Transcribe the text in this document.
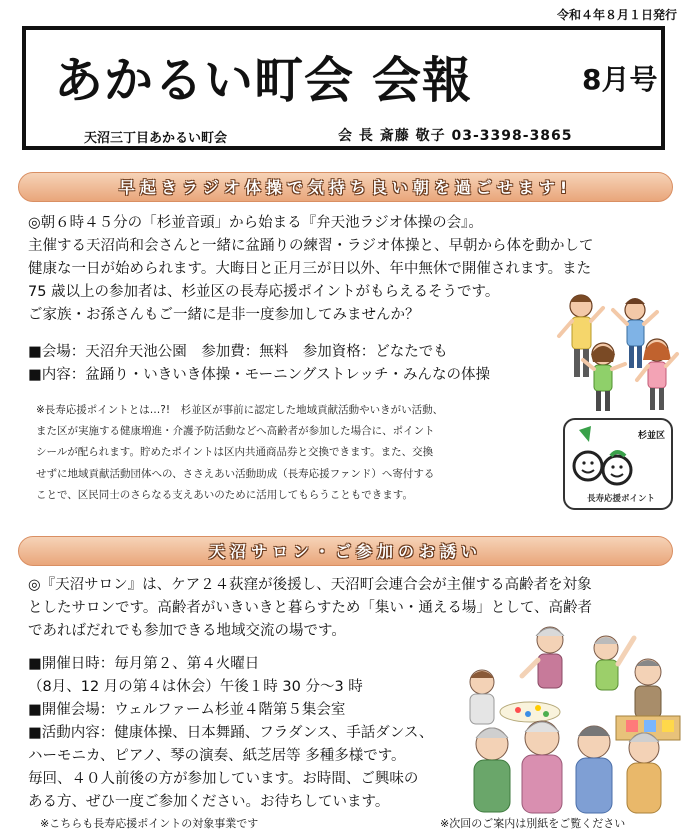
令和４年８月１日発行
あかるい町会 会報	8月号
天沼三丁目あかるい町会	会 長 斎藤 敬子 03-3398-3865
早起きラジオ体操で気持ち良い朝を過ごせます!
◎朝６時４５分の「杉並音頭」から始まる『弁天池ラジオ体操の会』。
主催する天沼尚和会さんと一緒に盆踊りの練習・ラジオ体操と、早朝から体を動かして
健康な一日が始められます。大晦日と正月三が日以外、年中無休で開催されます。また
75 歳以上の参加者は、杉並区の長寿応援ポイントがもらえるそうです。
ご家族・お孫さんもご一緒に是非一度参加してみませんか？
■会場：天沼弁天池公園　参加費：無料　参加資格：どなたでも
■内容：盆踊り・いきいき体操・モーニングストレッチ・みんなの体操
※長寿応援ポイントとは…?!　杉並区が事前に認定した地域貢献活動やいきがい活動、
また区が実施する健康増進・介護予防活動などへ高齢者が参加した場合に、ポイント
シールが配られます。貯めたポイントは区内共通商品券と交換できます。また、交換
せずに地域貢献活動団体への、ささえあい活動助成（長寿応援ファンド）へ寄付する
ことで、区民同士のさらなる支えあいのために活用してもらうこともできます。
杉並区
長寿応援ポイント
天沼サロン・ご参加のお誘い
◎『天沼サロン』は、ケア２４荻窪が後援し、天沼町会連合会が主催する高齢者を対象
としたサロンです。高齢者がいきいきと暮らすため「集い・通える場」として、高齢者
であればだれでも参加できる地域交流の場です。
■開催日時：毎月第２、第４火曜日
（8月、12 月の第４は休会）午後１時 30 分～3 時
■開催会場：ウェルファーム杉並４階第５集会室
■活動内容：健康体操、日本舞踊、フラダンス、手話ダンス、
ハーモニカ、ピアノ、琴の演奏、紙芝居等 多種多様です。
毎回、４０人前後の方が参加しています。お時間、ご興味の
ある方、ぜひ一度ご参加ください。お待ちしています。
※こちらも長寿応援ポイントの対象事業です	※次回のご案内は別紙をご覧ください
